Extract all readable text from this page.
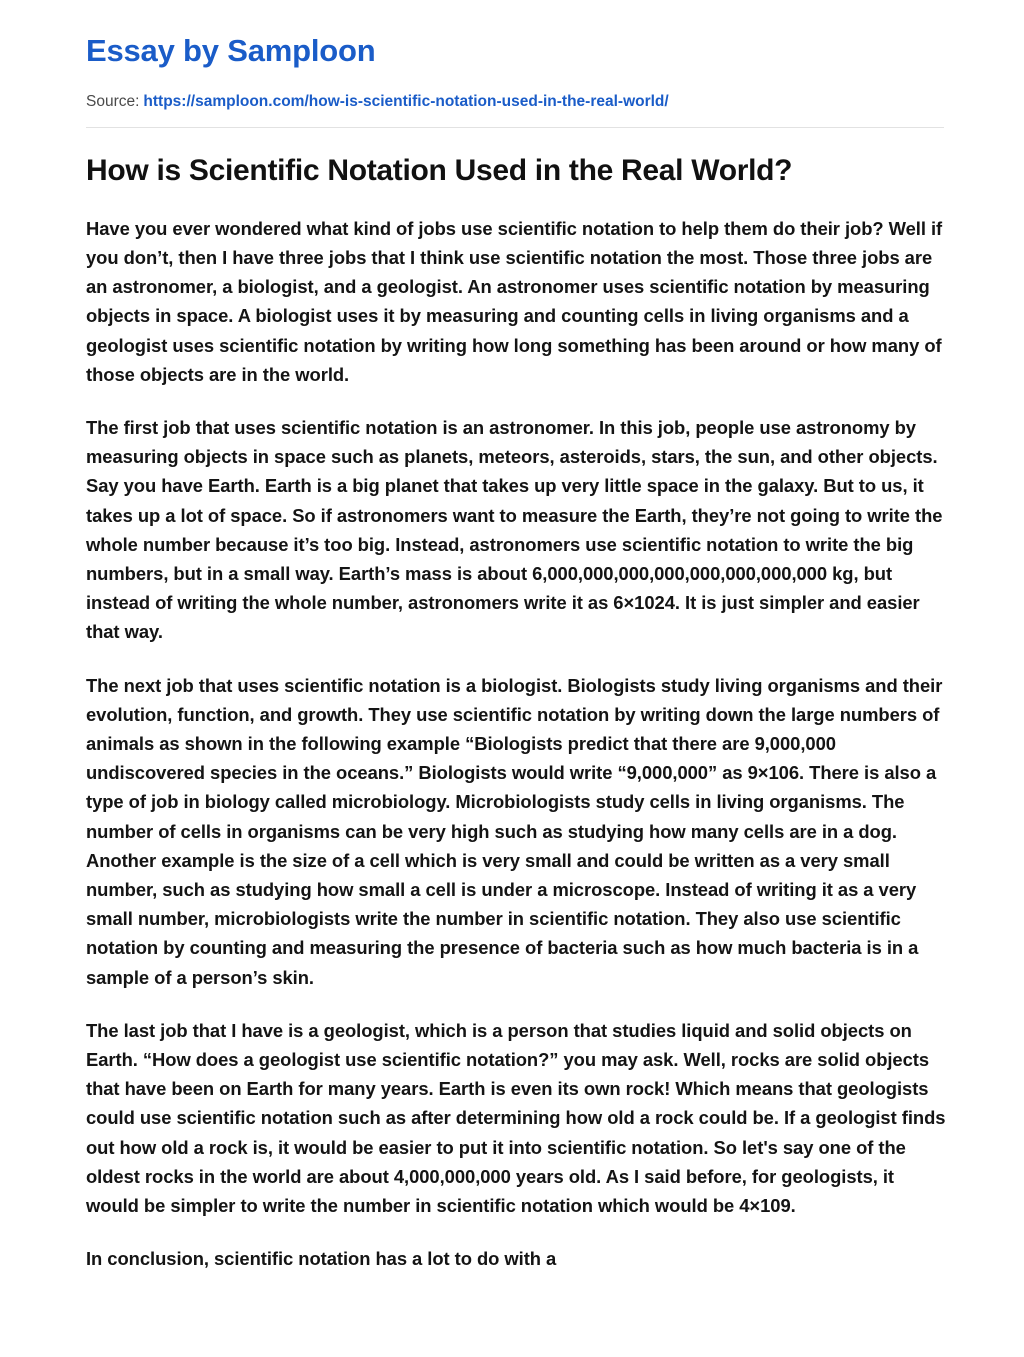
Essay by Samploon
Source: https://samploon.com/how-is-scientific-notation-used-in-the-real-world/
How is Scientific Notation Used in the Real World?

Have you ever wondered what kind of jobs use scientific notation to help them do their job? Well if you don’t, then I have three jobs that I think use scientific notation the most. Those three jobs are an astronomer, a biologist, and a geologist. An astronomer uses scientific notation by measuring objects in space. A biologist uses it by measuring and counting cells in living organisms and a geologist uses scientific notation by writing how long something has been around or how many of those objects are in the world.

The first job that uses scientific notation is an astronomer. In this job, people use astronomy by measuring objects in space such as planets, meteors, asteroids, stars, the sun, and other objects. Say you have Earth. Earth is a big planet that takes up very little space in the galaxy. But to us, it takes up a lot of space. So if astronomers want to measure the Earth, they’re not going to write the whole number because it’s too big. Instead, astronomers use scientific notation to write the big numbers, but in a small way. Earth’s mass is about 6,000,000,000,000,000,000,000,000 kg, but instead of writing the whole number, astronomers write it as 6×1024. It is just simpler and easier that way.

The next job that uses scientific notation is a biologist. Biologists study living organisms and their evolution, function, and growth. They use scientific notation by writing down the large numbers of animals as shown in the following example “Biologists predict that there are 9,000,000 undiscovered species in the oceans.” Biologists would write “9,000,000” as 9×106. There is also a type of job in biology called microbiology. Microbiologists study cells in living organisms. The number of cells in organisms can be very high such as studying how many cells are in a dog. Another example is the size of a cell which is very small and could be written as a very small number, such as studying how small a cell is under a microscope. Instead of writing it as a very small number, microbiologists write the number in scientific notation. They also use scientific notation by counting and measuring the presence of bacteria such as how much bacteria is in a sample of a person’s skin.

The last job that I have is a geologist, which is a person that studies liquid and solid objects on Earth. “How does a geologist use scientific notation?” you may ask. Well, rocks are solid objects that have been on Earth for many years. Earth is even its own rock! Which means that geologists could use scientific notation such as after determining how old a rock could be. If a geologist finds out how old a rock is, it would be easier to put it into scientific notation. So let's say one of the oldest rocks in the world are about 4,000,000,000 years old. As I said before, for geologists, it would be simpler to write the number in scientific notation which would be 4×109.

In conclusion, scientific notation has a lot to do with a
